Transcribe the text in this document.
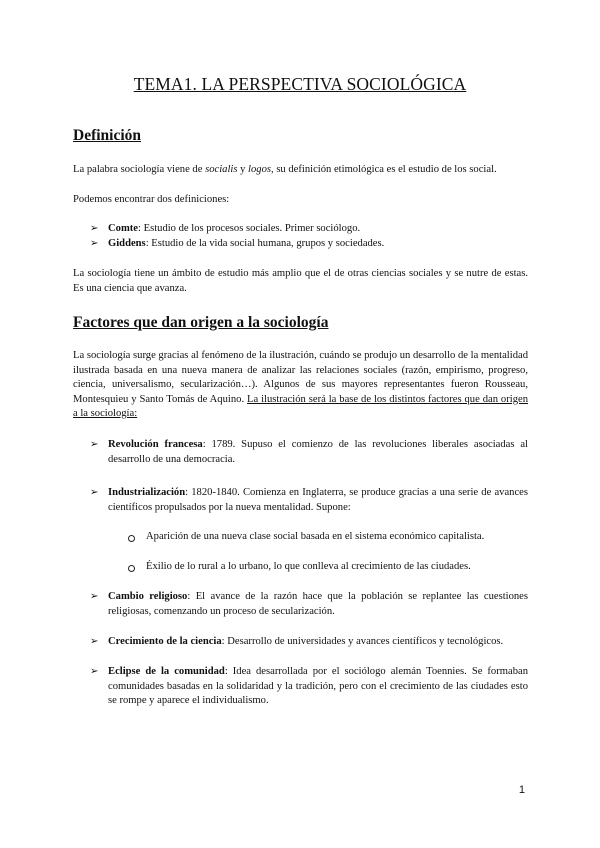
TEMA1. LA PERSPECTIVA SOCIOLÓGICA
Definición
La palabra sociología viene de socialis y logos, su definición etimológica es el estudio de los social.
Podemos encontrar dos definiciones:
➢ Comte: Estudio de los procesos sociales. Primer sociólogo.
➢ Giddens: Estudio de la vida social humana, grupos y sociedades.
La sociología tiene un ámbito de estudio más amplio que el de otras ciencias sociales y se nutre de estas. Es una ciencia que avanza.
Factores que dan origen a la sociología
La sociología surge gracias al fenómeno de la ilustración, cuándo se produjo un desarrollo de la mentalidad ilustrada basada en una nueva manera de analizar las relaciones sociales (razón, empirismo, progreso, ciencia, universalismo, secularización…). Algunos de sus mayores representantes fueron Rousseau, Montesquieu y Santo Tomás de Aquino. La ilustración será la base de los distintos factores que dan origen a la sociología:
➢ Revolución francesa: 1789. Supuso el comienzo de las revoluciones liberales asociadas al desarrollo de una democracia.
➢ Industrialización: 1820-1840. Comienza en Inglaterra, se produce gracias a una serie de avances científicos propulsados por la nueva mentalidad. Supone:
Aparición de una nueva clase social basada en el sistema económico capitalista.
Éxilio de lo rural a lo urbano, lo que conlleva al crecimiento de las ciudades.
➢ Cambio religioso: El avance de la razón hace que la población se replantee las cuestiones religiosas, comenzando un proceso de secularización.
➢ Crecimiento de la ciencia: Desarrollo de universidades y avances científicos y tecnológicos.
➢ Eclipse de la comunidad: Idea desarrollada por el sociólogo alemán Toennies. Se formaban comunidades basadas en la solidaridad y la tradición, pero con el crecimiento de las ciudades esto se rompe y aparece el individualismo.
1
